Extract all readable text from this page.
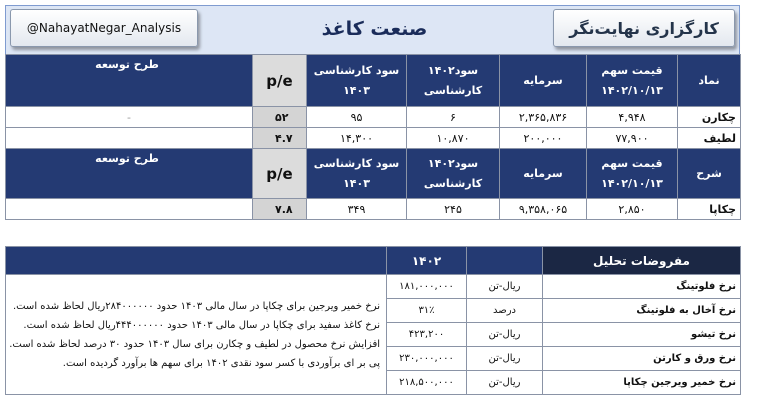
@NahayatNegar_Analysis	صنعت کاغذ	کارگزاری نهایت‌نگر
نماد	قیمت سهم ۱۴۰۲/۱۰/۱۳	سرمایه	سود۱۴۰۲ کارشناسی	سود کارشناسی ۱۴۰۳	p/e	طرح توسعه
چکارن	۴,۹۴۸	۲,۳۶۵,۸۳۶	۶	۹۵	۵۲	-
لطیف	۷۷,۹۰۰	۲۰۰,۰۰۰	۱۰,۸۷۰	۱۴,۳۰۰	۴.۷	
شرح	قیمت سهم ۱۴۰۲/۱۰/۱۳	سرمایه	سود۱۴۰۲ کارشناسی	سود کارشناسی ۱۴۰۳	p/e	طرح توسعه
چکاپا	۲,۸۵۰	۹,۳۵۸,۰۶۵	۲۴۵	۳۴۹	۷.۸	
مفروضات تحلیل		۱۴۰۲	
نرخ فلوتینگ	ریال-تن	۱۸۱,۰۰۰,۰۰۰	نرخ خمیر ویرجین برای چکاپا در سال مالی ۱۴۰۳ حدود ۲۸۴۰۰۰۰۰۰ریال لحاظ شده است.
نرخ کاغذ سفید برای چکاپا در سال مالی ۱۴۰۳ حدود ۴۴۴۰۰۰۰۰۰ریال لحاظ شده است.
افزایش نرخ محصول در لطیف و چکارن برای سال ۱۴۰۳ حدود ۳۰ درصد لحاظ شده است.
پی بر ای برآوردی با کسر سود نقدی ۱۴۰۲ برای سهم ها برآورد گردیده است.

نرخ آخال به فلوتینگ	درصد	۳۱٪	
نرخ تیشو	ریال-تن	۴۲۳,۲۰۰	
نرخ ورق و کارتن	ریال-تن	۲۳۰,۰۰۰,۰۰۰	
نرخ خمیر ویرجین چکاپا	ریال-تن	۲۱۸,۵۰۰,۰۰۰	
